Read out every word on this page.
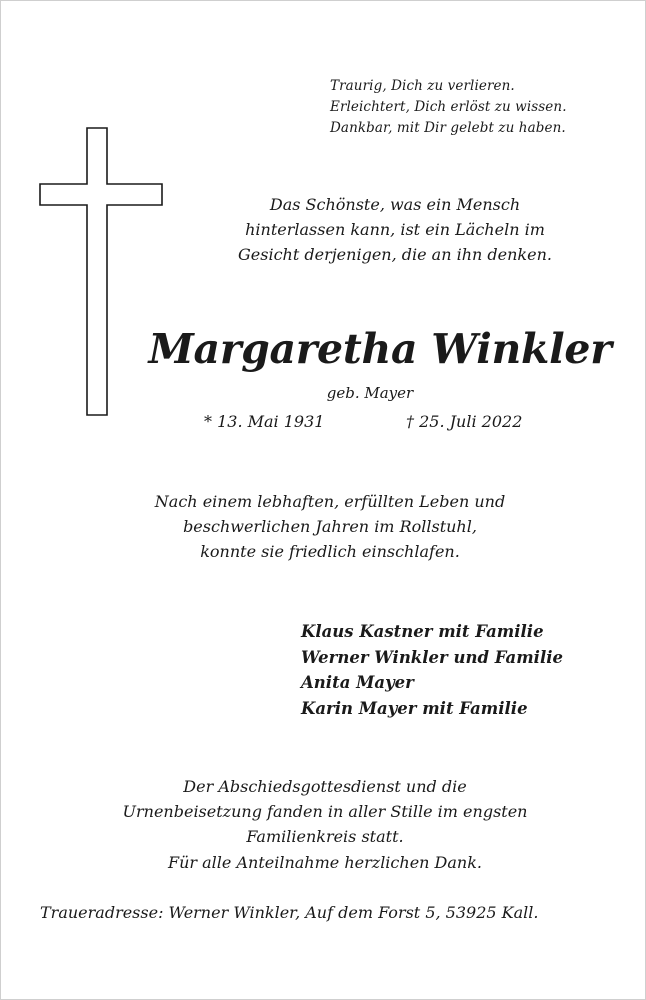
Traurig, Dich zu verlieren.
Erleichtert, Dich erlöst zu wissen.
Dankbar, mit Dir gelebt zu haben.
Das Schönste, was ein Mensch
hinterlassen kann, ist ein Lächeln im
Gesicht derjenigen, die an ihn denken.
Margaretha Winkler
geb. Mayer
* 13. Mai 1931	† 25. Juli 2022
Nach einem lebhaften, erfüllten Leben und
beschwerlichen Jahren im Rollstuhl,
konnte sie friedlich einschlafen.
Klaus Kastner mit Familie
Werner Winkler und Familie
Anita Mayer
Karin Mayer mit Familie
Der Abschiedsgottesdienst und die
Urnenbeisetzung fanden in aller Stille im engsten
Familienkreis statt.
Für alle Anteilnahme herzlichen Dank.
Traueradresse: Werner Winkler, Auf dem Forst 5, 53925 Kall.
